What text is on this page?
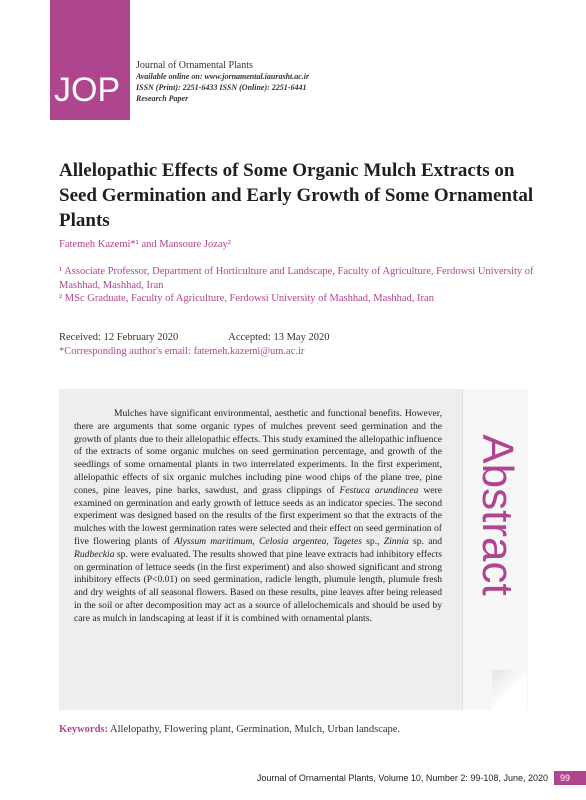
JOP
Journal of Ornamental Plants
Available online on: www.jornamental.iaurasht.ac.ir
ISSN (Print): 2251-6433 ISSN (Online): 2251-6441
Research Paper
Allelopathic Effects of Some Organic Mulch Extracts on Seed Germination and Early Growth of Some Ornamental Plants
Fatemeh Kazemi*¹ and Mansoure Jozay²
¹ Associate Professor, Department of Horticulture and Landscape, Faculty of Agriculture, Ferdowsi University of Mashhad, Mashhad, Iran
² MSc Graduate, Faculty of Agriculture, Ferdowsi University of Mashhad, Mashhad, Iran
Received: 12 February 2020	Accepted: 13 May 2020
*Corresponding author's email: fatemeh.kazemi@um.ac.ir
Abstract
Mulches have significant environmental, aesthetic and functional benefits. However, there are arguments that some organic types of mulches prevent seed germination and the growth of plants due to their allelopathic effects. This study examined the allelopathic influence of the extracts of some organic mulches on seed germination percentage, and growth of the seedlings of some ornamental plants in two interrelated experiments. In the first experiment, allelopathic effects of six organic mulches including pine wood chips of the plane tree, pine cones, pine leaves, pine barks, sawdust, and grass clippings of Festuca arundincea were examined on germination and early growth of lettuce seeds as an indicator species. The second experiment was designed based on the results of the first experiment so that the extracts of the mulches with the lowest germination rates were selected and their effect on seed germination of five flowering plants of Alyssum maritimum, Celosia argentea, Tagetes sp., Zinnia sp. and Rudbeckia sp. were evaluated. The results showed that pine leave extracts had inhibitory effects on germination of lettuce seeds (in the first experiment) and also showed significant and strong inhibitory effects (P<0.01) on seed germination, radicle length, plumule length, plumule fresh and dry weights of all seasonal flowers. Based on these results, pine leaves after being released in the soil or after decomposition may act as a source of allelochemicals and should be used by care as mulch in landscaping at least if it is combined with ornamental plants.
Keywords: Allelopathy, Flowering plant, Germination, Mulch, Urban landscape.
Journal of Ornamental Plants, Volume 10, Number 2: 99-108, June, 2020	99
